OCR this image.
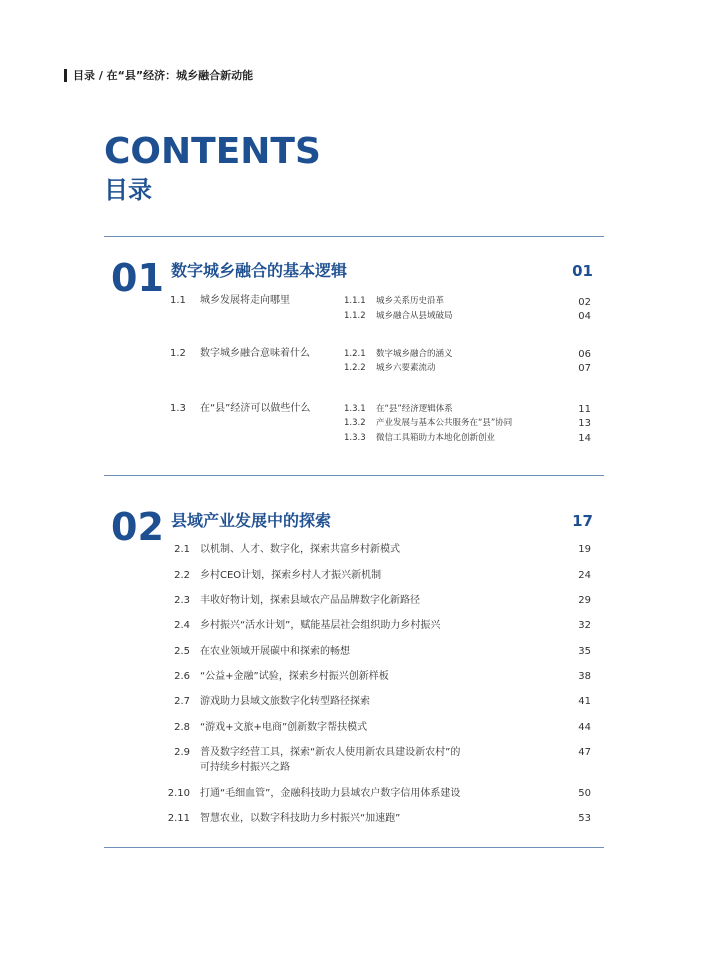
目录 / 在“县”经济：城乡融合新动能
CONTENTS
目录
01 数字城乡融合的基本逻辑	01
1.1 城乡发展将走向哪里	1.1.1 城乡关系历史沿革	02
1.1.2 城乡融合从县域破局	04
1.2 数字城乡融合意味着什么	1.2.1 数字城乡融合的涵义	06
1.2.2 城乡六要素流动	07
1.3 在“县”经济可以做些什么	1.3.1 在“县”经济逻辑体系	11
1.3.2 产业发展与基本公共服务在“县”协同	13
1.3.3 微信工具箱助力本地化创新创业	14
02 县域产业发展中的探索	17
2.1 以机制、人才、数字化，探索共富乡村新模式	19
2.2 乡村CEO计划，探索乡村人才振兴新机制	24
2.3 丰收好物计划，探索县域农产品品牌数字化新路径	29
2.4 乡村振兴“活水计划”，赋能基层社会组织助力乡村振兴	32
2.5 在农业领域开展碳中和探索的畅想	35
2.6 “公益+金融”试验，探索乡村振兴创新样板	38
2.7 游戏助力县域文旅数字化转型路径探索	41
2.8 “游戏+文旅+电商”创新数字帮扶模式	44
2.9 普及数字经营工具，探索“新农人使用新农具建设新农村”的
可持续乡村振兴之路
47
2.10 打通“毛细血管”，金融科技助力县域农户数字信用体系建设	50
2.11 智慧农业，以数字科技助力乡村振兴“加速跑”	53
